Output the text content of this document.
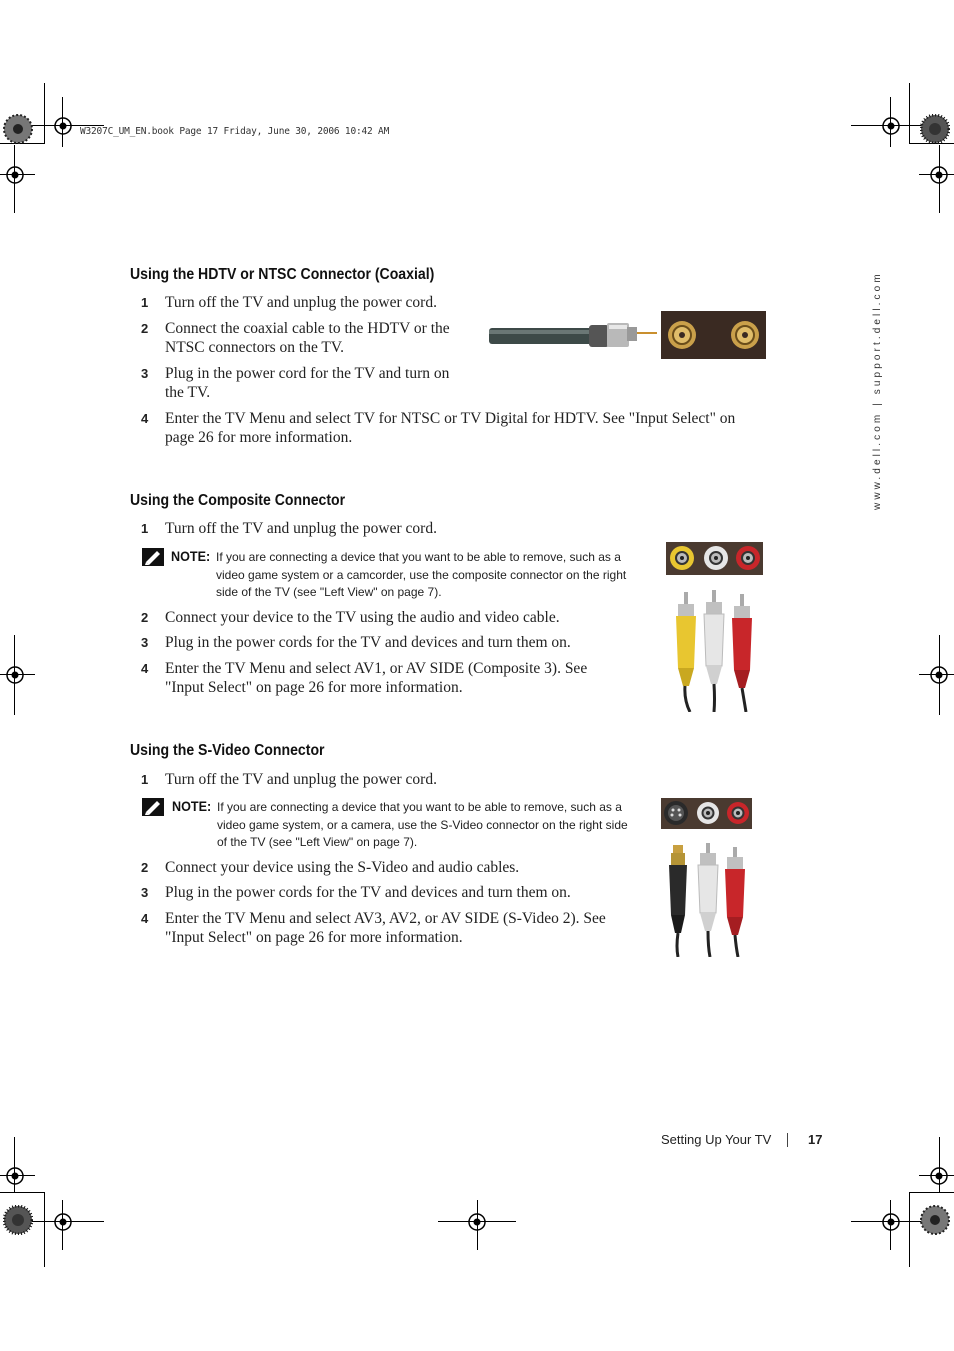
W3207C_UM_EN.book Page 17 Friday, June 30, 2006 10:42 AM
www.dell.com | support.dell.com
Using the HDTV or NTSC Connector (Coaxial)
1	Turn off the TV and unplug the power cord.
2	Connect the coaxial cable to the HDTV or the NTSC connectors on the TV.
3	Plug in the power cord for the TV and turn on the TV.
4	Enter the TV Menu and select TV for NTSC or TV Digital for HDTV. See "Input Select" on page 26 for more information.
Using the Composite Connector
1	Turn off the TV and unplug the power cord.
NOTE: If you are connecting a device that you want to be able to remove, such as a video game system or a camcorder, use the composite connector on the right side of the TV (see "Left View" on page 7).
2	Connect your device to the TV using the audio and video cable.
3	Plug in the power cords for the TV and devices and turn them on.
4	Enter the TV Menu and select AV1, or AV SIDE (Composite 3). See "Input Select" on page 26 for more information.
Using the S-Video Connector
1	Turn off the TV and unplug the power cord.
NOTE: If you are connecting a device that you want to be able to remove, such as a video game system, or a camera, use the S-Video connector on the right side of the TV (see "Left View" on page 7).
2	Connect your device using the S-Video and audio cables.
3	Plug in the power cords for the TV and devices and turn them on.
4	Enter the TV Menu and select AV3, AV2, or AV SIDE (S-Video 2). See "Input Select" on page 26 for more information.
Setting Up Your TV	17
